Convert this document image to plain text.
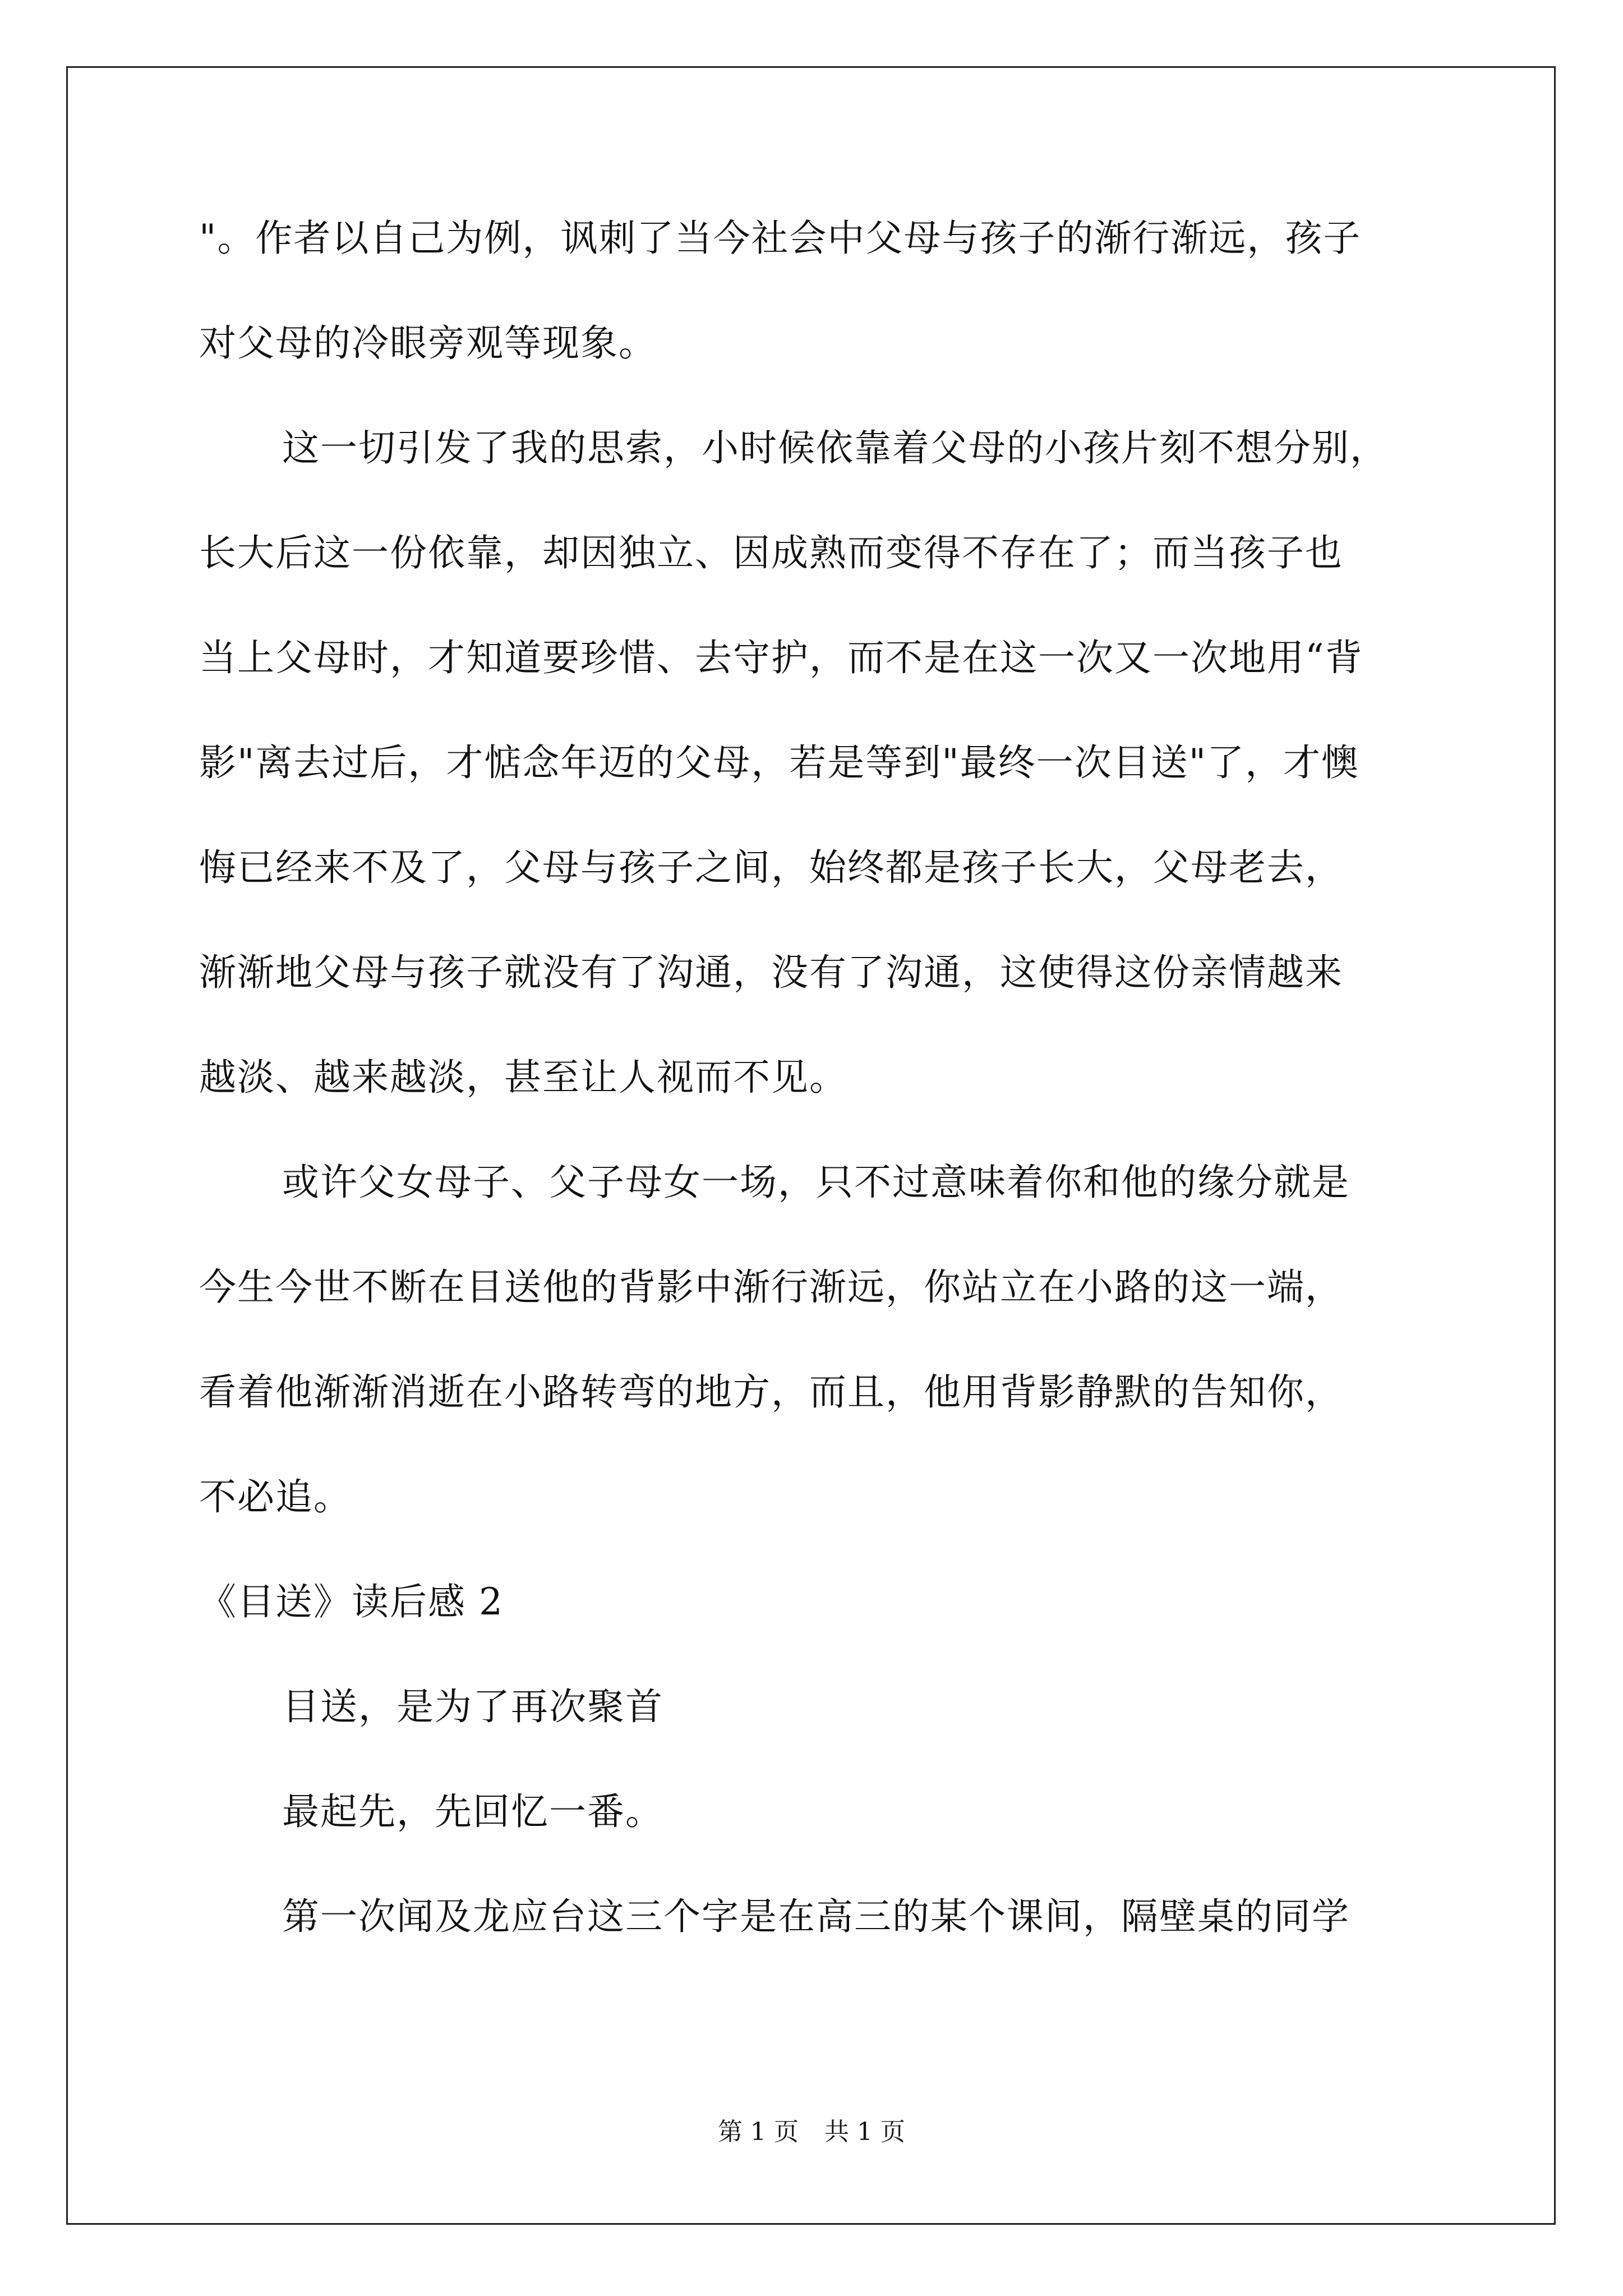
"。作者以自己为例，讽刺了当今社会中父母与孩子的渐行渐远，孩子
对父母的冷眼旁观等现象。
这一切引发了我的思索，小时候依靠着父母的小孩片刻不想分别，
长大后这一份依靠，却因独立、因成熟而变得不存在了；而当孩子也
当上父母时，才知道要珍惜、去守护，而不是在这一次又一次地用“背
影"离去过后，才惦念年迈的父母，若是等到"最终一次目送"了，才懊
悔已经来不及了，父母与孩子之间，始终都是孩子长大，父母老去，
渐渐地父母与孩子就没有了沟通，没有了沟通，这使得这份亲情越来
越淡、越来越淡，甚至让人视而不见。
或许父女母子、父子母女一场，只不过意味着你和他的缘分就是
今生今世不断在目送他的背影中渐行渐远，你站立在小路的这一端，
看着他渐渐消逝在小路转弯的地方，而且，他用背影静默的告知你，
不必追。
《目送》读后感 2
目送，是为了再次聚首
最起先，先回忆一番。
第一次闻及龙应台这三个字是在高三的某个课间，隔壁桌的同学
第 1 页 共 1 页
